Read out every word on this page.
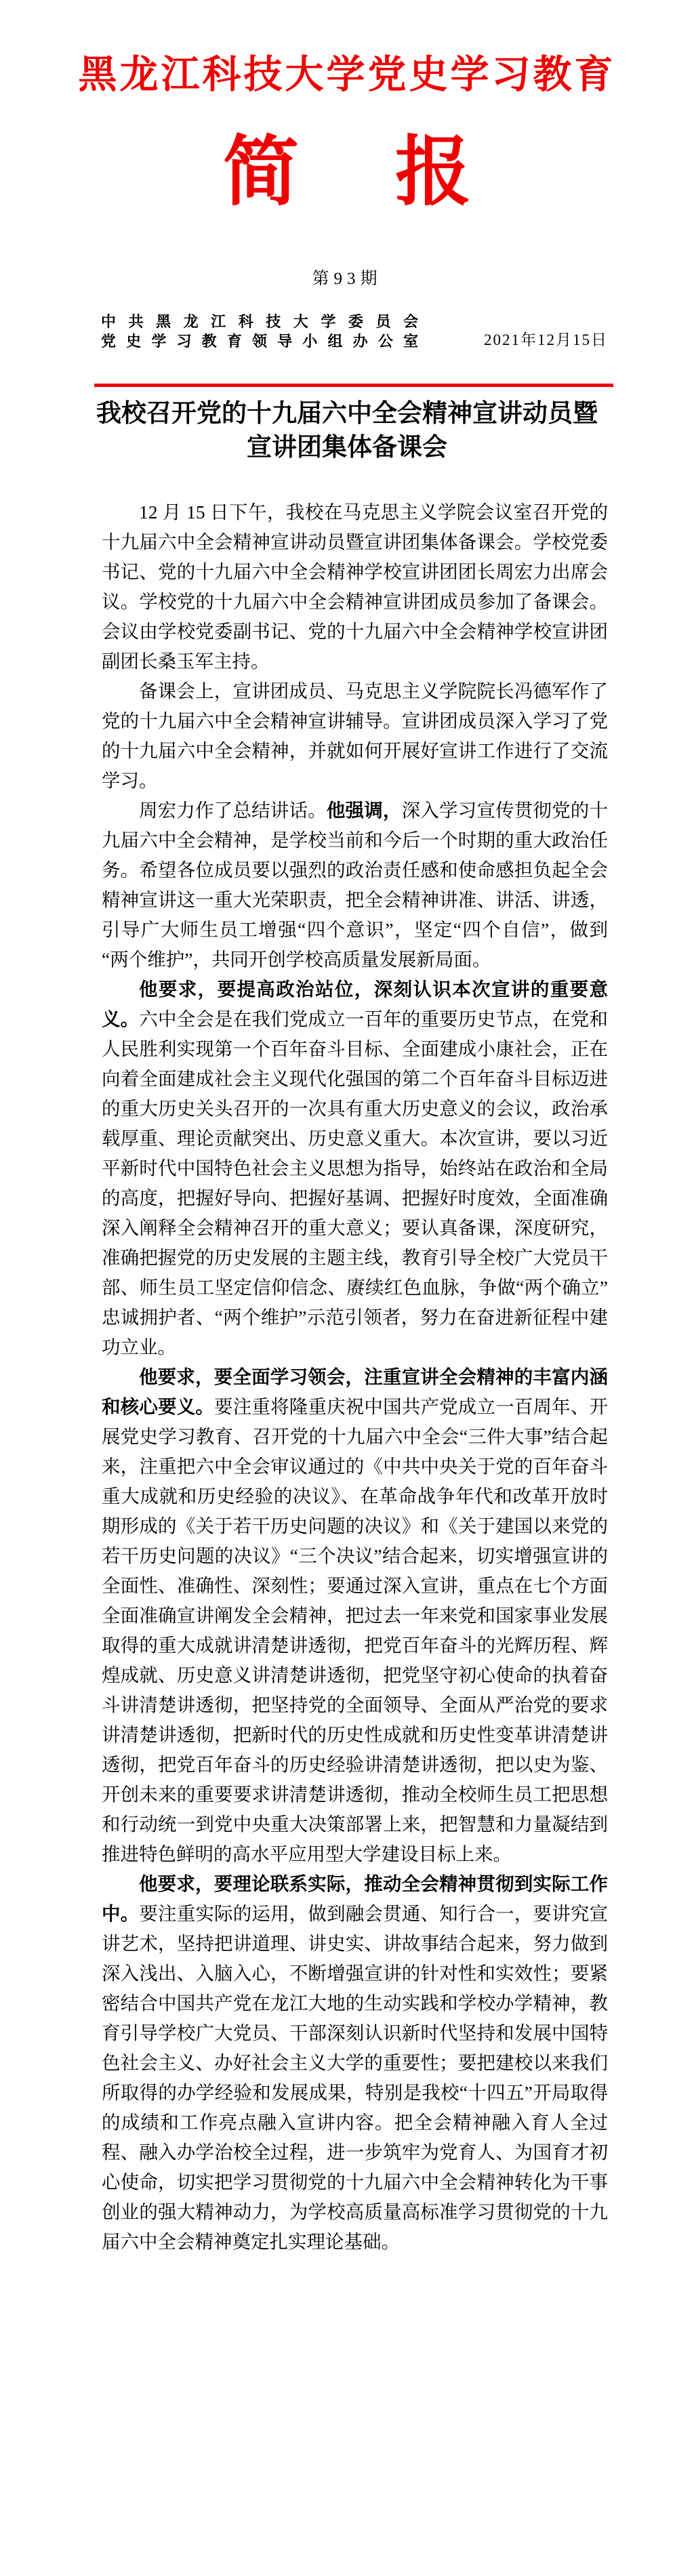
黑龙江科技大学党史学习教育
简 报
第93期
中共黑龙江科技大学委员会
党史学习教育领导小组办公室	2021年12月15日
我校召开党的十九届六中全会精神宣讲动员暨宣讲团集体备课会

12 月 15 日下午，我校在马克思主义学院会议室召开党的十九届六中全会精神宣讲动员暨宣讲团集体备课会。学校党委书记、党的十九届六中全会精神学校宣讲团团长周宏力出席会议。学校党的十九届六中全会精神宣讲团成员参加了备课会。会议由学校党委副书记、党的十九届六中全会精神学校宣讲团副团长桑玉军主持。

备课会上，宣讲团成员、马克思主义学院院长冯德军作了党的十九届六中全会精神宣讲辅导。宣讲团成员深入学习了党的十九届六中全会精神，并就如何开展好宣讲工作进行了交流学习。

周宏力作了总结讲话。他强调，深入学习宣传贯彻党的十九届六中全会精神，是学校当前和今后一个时期的重大政治任务。希望各位成员要以强烈的政治责任感和使命感担负起全会精神宣讲这一重大光荣职责，把全会精神讲准、讲活、讲透，引导广大师生员工增强“四个意识”，坚定“四个自信”，做到“两个维护”，共同开创学校高质量发展新局面。

他要求，要提高政治站位，深刻认识本次宣讲的重要意义。六中全会是在我们党成立一百年的重要历史节点，在党和人民胜利实现第一个百年奋斗目标、全面建成小康社会，正在向着全面建成社会主义现代化强国的第二个百年奋斗目标迈进的重大历史关头召开的一次具有重大历史意义的会议，政治承载厚重、理论贡献突出、历史意义重大。本次宣讲，要以习近平新时代中国特色社会主义思想为指导，始终站在政治和全局的高度，把握好导向、把握好基调、把握好时度效，全面准确深入阐释全会精神召开的重大意义；要认真备课，深度研究，准确把握党的历史发展的主题主线，教育引导全校广大党员干部、师生员工坚定信仰信念、赓续红色血脉，争做“两个确立”忠诚拥护者、“两个维护”示范引领者，努力在奋进新征程中建功立业。

他要求，要全面学习领会，注重宣讲全会精神的丰富内涵和核心要义。要注重将隆重庆祝中国共产党成立一百周年、开展党史学习教育、召开党的十九届六中全会“三件大事”结合起来，注重把六中全会审议通过的《中共中央关于党的百年奋斗重大成就和历史经验的决议》、在革命战争年代和改革开放时期形成的《关于若干历史问题的决议》和《关于建国以来党的若干历史问题的决议》“三个决议”结合起来，切实增强宣讲的全面性、准确性、深刻性；要通过深入宣讲，重点在七个方面全面准确宣讲阐发全会精神，把过去一年来党和国家事业发展取得的重大成就讲清楚讲透彻，把党百年奋斗的光辉历程、辉煌成就、历史意义讲清楚讲透彻，把党坚守初心使命的执着奋斗讲清楚讲透彻，把坚持党的全面领导、全面从严治党的要求讲清楚讲透彻，把新时代的历史性成就和历史性变革讲清楚讲透彻，把党百年奋斗的历史经验讲清楚讲透彻，把以史为鉴、开创未来的重要要求讲清楚讲透彻，推动全校师生员工把思想和行动统一到党中央重大决策部署上来，把智慧和力量凝结到推进特色鲜明的高水平应用型大学建设目标上来。

他要求，要理论联系实际，推动全会精神贯彻到实际工作中。要注重实际的运用，做到融会贯通、知行合一，要讲究宣讲艺术，坚持把讲道理、讲史实、讲故事结合起来，努力做到深入浅出、入脑入心，不断增强宣讲的针对性和实效性；要紧密结合中国共产党在龙江大地的生动实践和学校办学精神，教育引导学校广大党员、干部深刻认识新时代坚持和发展中国特色社会主义、办好社会主义大学的重要性；要把建校以来我们所取得的办学经验和发展成果，特别是我校“十四五”开局取得的成绩和工作亮点融入宣讲内容。把全会精神融入育人全过程、融入办学治校全过程，进一步筑牢为党育人、为国育才初心使命，切实把学习贯彻党的十九届六中全会精神转化为干事创业的强大精神动力，为学校高质量高标准学习贯彻党的十九届六中全会精神奠定扎实理论基础。
